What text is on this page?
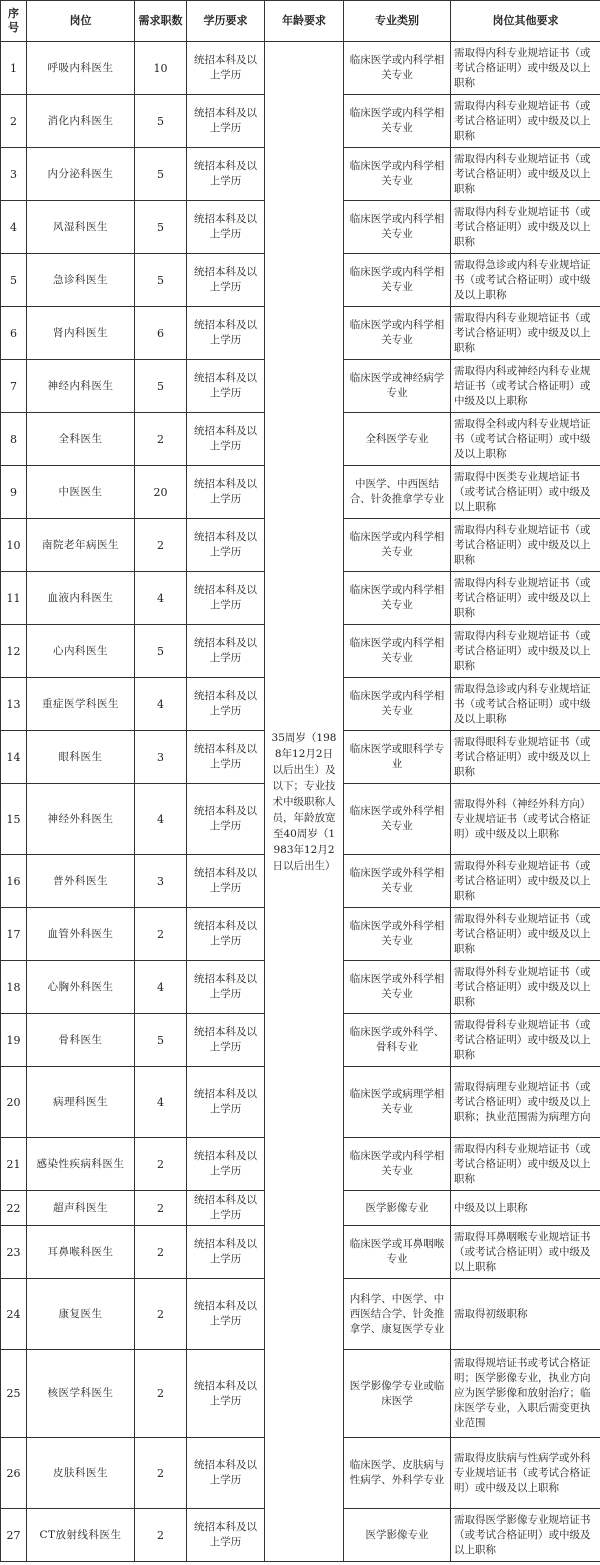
序号	岗位	需求职数	学历要求	年龄要求	专业类别	岗位其他要求
1	呼吸内科医生	10	统招本科及以上学历	35周岁（1988年12月2日以后出生）及以下；专业技术中级职称人员，年龄放宽至40周岁（1983年12月2日以后出生）	临床医学或内科学相关专业	需取得内科专业规培证书（或考试合格证明）或中级及以上职称
2	消化内科医生	5	统招本科及以上学历		临床医学或内科学相关专业	需取得内科专业规培证书（或考试合格证明）或中级及以上职称
3	内分泌科医生	5	统招本科及以上学历		临床医学或内科学相关专业	需取得内科专业规培证书（或考试合格证明）或中级及以上职称
4	风湿科医生	5	统招本科及以上学历		临床医学或内科学相关专业	需取得内科专业规培证书（或考试合格证明）或中级及以上职称
5	急诊科医生	5	统招本科及以上学历		临床医学或内科学相关专业	需取得急诊或内科专业规培证书（或考试合格证明）或中级及以上职称
6	肾内科医生	6	统招本科及以上学历		临床医学或内科学相关专业	需取得内科专业规培证书（或考试合格证明）或中级及以上职称
7	神经内科医生	5	统招本科及以上学历		临床医学或神经病学专业	需取得内科或神经内科专业规培证书（或考试合格证明）或中级及以上职称
8	全科医生	2	统招本科及以上学历		全科医学专业	需取得全科或内科专业规培证书（或考试合格证明）或中级及以上职称
9	中医医生	20	统招本科及以上学历		中医学、中西医结合、针灸推拿学专业	需取得中医类专业规培证书（或考试合格证明）或中级及以上职称
10	南院老年病医生	2	统招本科及以上学历		临床医学或内科学相关专业	需取得内科专业规培证书（或考试合格证明）或中级及以上职称
11	血液内科医生	4	统招本科及以上学历		临床医学或内科学相关专业	需取得内科专业规培证书（或考试合格证明）或中级及以上职称
12	心内科医生	5	统招本科及以上学历		临床医学或内科学相关专业	需取得内科专业规培证书（或考试合格证明）或中级及以上职称
13	重症医学科医生	4	统招本科及以上学历		临床医学或内科学相关专业	需取得急诊或内科专业规培证书（或考试合格证明）或中级及以上职称
14	眼科医生	3	统招本科及以上学历		临床医学或眼科学专业	需取得眼科专业规培证书（或考试合格证明）或中级及以上职称
15	神经外科医生	4	统招本科及以上学历		临床医学或外科学相关专业	需取得外科（神经外科方向）专业规培证书（或考试合格证明）或中级及以上职称
16	普外科医生	3	统招本科及以上学历		临床医学或外科学相关专业	需取得外科专业规培证书（或考试合格证明）或中级及以上职称
17	血管外科医生	2	统招本科及以上学历		临床医学或外科学相关专业	需取得外科专业规培证书（或考试合格证明）或中级及以上职称
18	心胸外科医生	4	统招本科及以上学历		临床医学或外科学相关专业	需取得外科专业规培证书（或考试合格证明）或中级及以上职称
19	骨科医生	5	统招本科及以上学历		临床医学或外科学、骨科专业	需取得骨科专业规培证书（或考试合格证明）或中级及以上职称
20	病理科医生	4	统招本科及以上学历		临床医学或病理学相关专业	需取得病理专业规培证书（或考试合格证明）或中级及以上职称；执业范围需为病理方向
21	感染性疾病科医生	2	统招本科及以上学历		临床医学或内科学相关专业	需取得内科专业规培证书（或考试合格证明）或中级及以上职称
22	超声科医生	2	统招本科及以上学历		医学影像专业	中级及以上职称
23	耳鼻喉科医生	2	统招本科及以上学历		临床医学或耳鼻咽喉专业	需取得耳鼻咽喉专业规培证书（或考试合格证明）或中级及以上职称
24	康复医生	2	统招本科及以上学历		内科学、中医学、中西医结合学、针灸推拿学、康复医学专业	需取得初级职称
25	核医学科医生	2	统招本科及以上学历		医学影像学专业或临床医学	需取得规培证书或考试合格证明；医学影像专业，执业方向应为医学影像和放射治疗；临床医学专业，入职后需变更执业范围
26	皮肤科医生	2	统招本科及以上学历		临床医学、皮肤病与性病学、外科学专业	需取得皮肤病与性病学或外科专业规培证书（或考试合格证明）或中级及以上职称
27	CT放射线科医生	2	统招本科及以上学历		医学影像专业	需取得医学影像专业规培证书（或考试合格证明）或中级及以上职称
